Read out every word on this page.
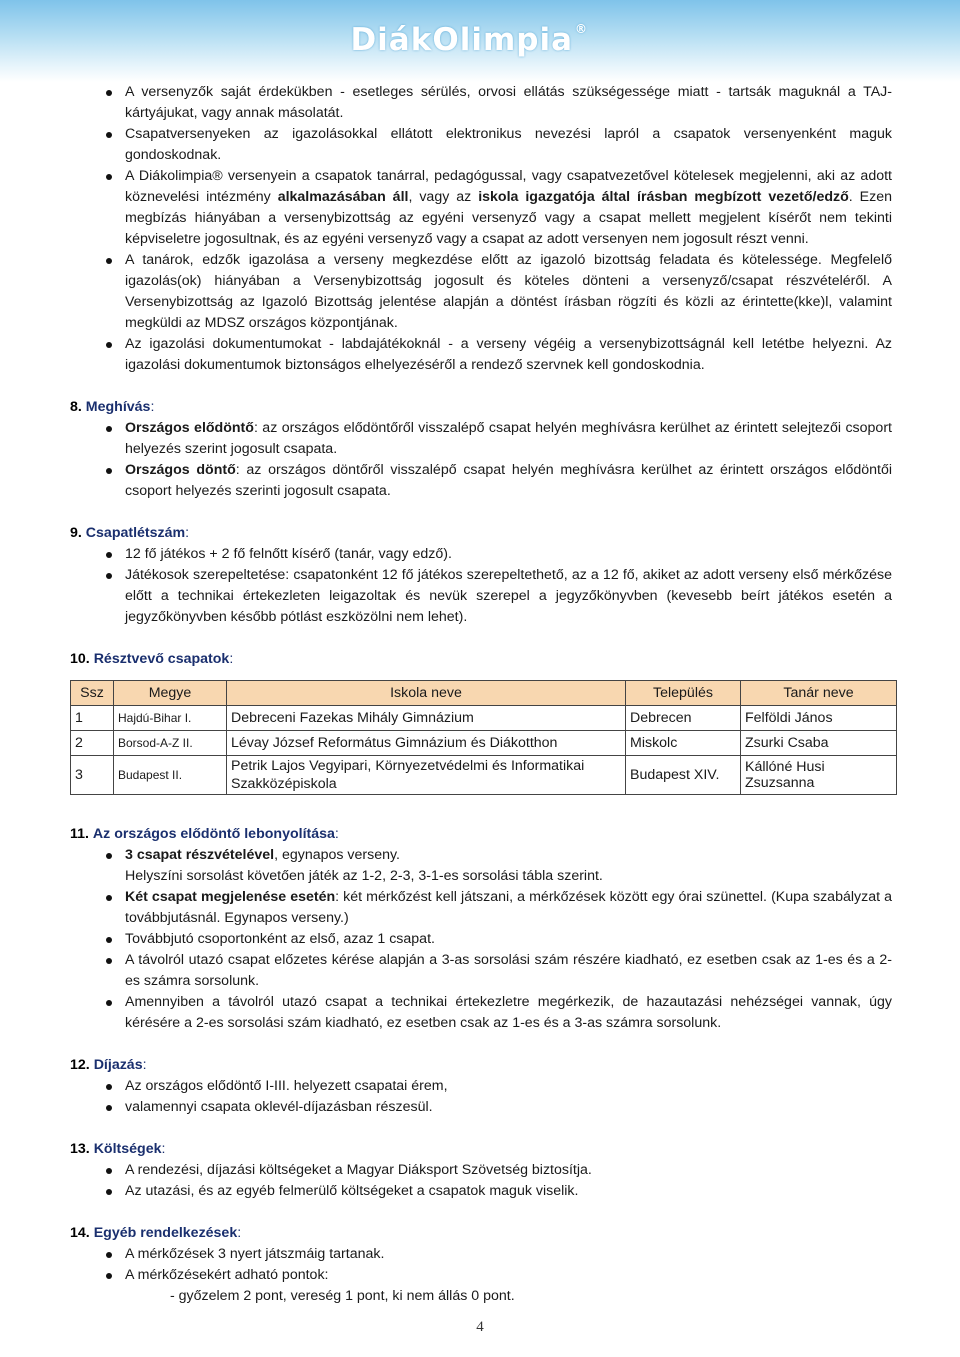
DiákOlimpia ®
A versenyzők saját érdekükben - esetleges sérülés, orvosi ellátás szükségessége miatt - tartsák maguknál a TAJ-kártyájukat, vagy annak másolatát.
Csapatversenyeken az igazolásokkal ellátott elektronikus nevezési lapról a csapatok versenyenként maguk gondoskodnak.
A Diákolimpia® versenyein a csapatok tanárral, pedagógussal, vagy csapatvezetővel kötelesek megjelenni, aki az adott köznevelési intézmény alkalmazásában áll, vagy az iskola igazgatója által írásban megbízott vezető/edző. Ezen megbízás hiányában a versenybizottság az egyéni versenyző vagy a csapat mellett megjelent kísérőt nem tekinti képviseletre jogosultnak, és az egyéni versenyző vagy a csapat az adott versenyen nem jogosult részt venni.
A tanárok, edzők igazolása a verseny megkezdése előtt az igazoló bizottság feladata és kötelessége. Megfelelő igazolás(ok) hiányában a Versenybizottság jogosult és köteles dönteni a versenyző/csapat részvételéről. A Versenybizottság az Igazoló Bizottság jelentése alapján a döntést írásban rögzíti és közli az érintette(kke)l, valamint megküldi az MDSZ országos központjának.
Az igazolási dokumentumokat - labdajátékoknál - a verseny végéig a versenybizottságnál kell letétbe helyezni. Az igazolási dokumentumok biztonságos elhelyezéséről a rendező szervnek kell gondoskodnia.
8. Meghívás:
Országos elődöntő: az országos elődöntőről visszalépő csapat helyén meghívásra kerülhet az érintett selejtezői csoport helyezés szerint jogosult csapata.
Országos döntő: az országos döntőről visszalépő csapat helyén meghívásra kerülhet az érintett országos elődöntői csoport helyezés szerinti jogosult csapata.
9. Csapatlétszám:
12 fő játékos + 2 fő felnőtt kísérő (tanár, vagy edző).
Játékosok szerepeltetése: csapatonként 12 fő játékos szerepeltethető, az a 12 fő, akiket az adott verseny első mérkőzése előtt a technikai értekezleten leigazoltak és nevük szerepel a jegyzőkönyvben (kevesebb beírt játékos esetén a jegyzőkönyvben később pótlást eszközölni nem lehet).
10. Résztvevő csapatok:
Ssz	Megye	Iskola neve	Település	Tanár neve
1	Hajdú-Bihar I.	Debreceni Fazekas Mihály Gimnázium	Debrecen	Felföldi János
2	Borsod-A-Z II.	Lévay József Református Gimnázium és Diákotthon	Miskolc	Zsurki Csaba
3	Budapest II.	Petrik Lajos Vegyipari, Környezetvédelmi és Informatikai Szakközépiskola	Budapest XIV.	Kállóné Husi Zsuzsanna
11. Az országos elődöntő lebonyolítása:
3 csapat részvételével, egynapos verseny.
Helyszíni sorsolást követően játék az 1-2, 2-3, 3-1-es sorsolási tábla szerint.
Két csapat megjelenése esetén: két mérkőzést kell játszani, a mérkőzések között egy órai szünettel. (Kupa szabályzat a továbbjutásnál. Egynapos verseny.)
Továbbjutó csoportonként az első, azaz 1 csapat.
A távolról utazó csapat előzetes kérése alapján a 3-as sorsolási szám részére kiadható, ez esetben csak az 1-es és a 2-es számra sorsolunk.
Amennyiben a távolról utazó csapat a technikai értekezletre megérkezik, de hazautazási nehézségei vannak, úgy kérésére a 2-es sorsolási szám kiadható, ez esetben csak az 1-es és a 3-as számra sorsolunk.
12. Díjazás:
Az országos elődöntő I-III. helyezett csapatai érem,
valamennyi csapata oklevél-díjazásban részesül.
13. Költségek:
A rendezési, díjazási költségeket a Magyar Diáksport Szövetség biztosítja.
Az utazási, és az egyéb felmerülő költségeket a csapatok maguk viselik.
14. Egyéb rendelkezések:
A mérkőzések 3 nyert játszmáig tartanak.
A mérkőzésekért adható pontok:
- győzelem 2 pont, vereség 1 pont, ki nem állás 0 pont.
4
